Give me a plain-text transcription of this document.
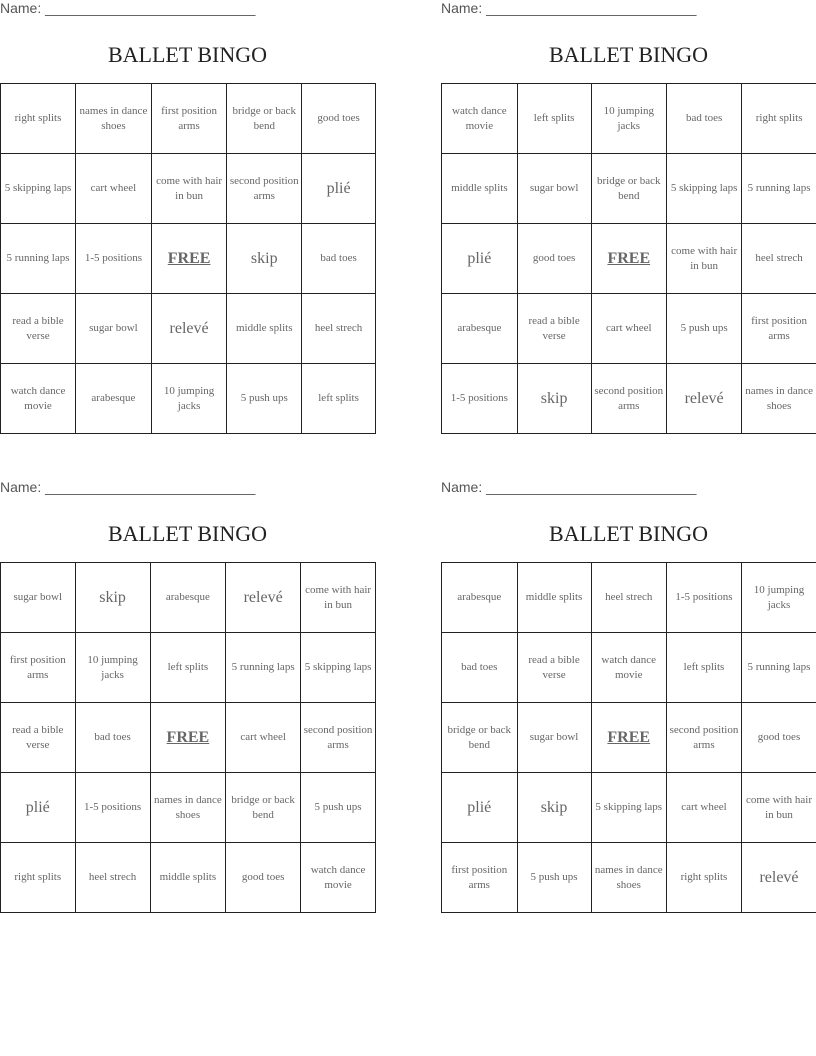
Name: ___________________________
BALLET BINGO
right splits	names in dance shoes	first position arms	bridge or back bend	good toes
5 skipping laps	cart wheel	come with hair in bun	second position arms	plié
5 running laps	1-5 positions	FREE	skip	bad toes
read a bible verse	sugar bowl	relevé	middle splits	heel strech
watch dance movie	arabesque	10 jumping jacks	5 push ups	left splits
Name: ___________________________
BALLET BINGO
watch dance movie	left splits	10 jumping jacks	bad toes	right splits
middle splits	sugar bowl	bridge or back bend	5 skipping laps	5 running laps
plié	good toes	FREE	come with hair in bun	heel strech
arabesque	read a bible verse	cart wheel	5 push ups	first position arms
1-5 positions	skip	second position arms	relevé	names in dance shoes
Name: ___________________________
BALLET BINGO
sugar bowl	skip	arabesque	relevé	come with hair in bun
first position arms	10 jumping jacks	left splits	5 running laps	5 skipping laps
read a bible verse	bad toes	FREE	cart wheel	second position arms
plié	1-5 positions	names in dance shoes	bridge or back bend	5 push ups
right splits	heel strech	middle splits	good toes	watch dance movie
Name: ___________________________
BALLET BINGO
arabesque	middle splits	heel strech	1-5 positions	10 jumping jacks
bad toes	read a bible verse	watch dance movie	left splits	5 running laps
bridge or back bend	sugar bowl	FREE	second position arms	good toes
plié	skip	5 skipping laps	cart wheel	come with hair in bun
first position arms	5 push ups	names in dance shoes	right splits	relevé
